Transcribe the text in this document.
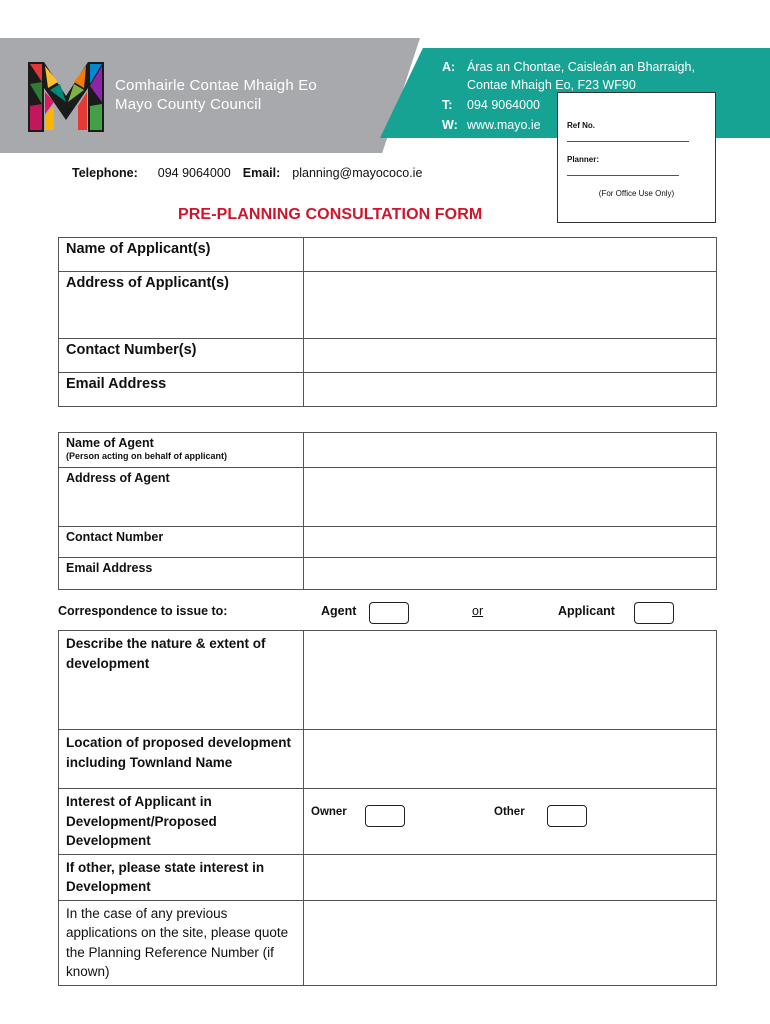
Comhairle Contae Mhaigh Eo
Mayo County Council
A: Áras an Chontae, Caisleán an Bharraigh,
Contae Mhaigh Eo, F23 WF90
T:	094 9064000
W: www.mayo.ie	Ref No.
Planner:
(For Office Use Only)
Telephone: 094 9064000 Email: planning@mayococo.ie
PRE-PLANNING CONSULTATION FORM
Name of Applicant(s)	
Address of Applicant(s)	
Contact Number(s)	
Email Address	
Name of Agent
(Person acting on behalf of applicant)	

Address of Agent	
Contact Number	
Email Address	
Correspondence to issue to:	Agent	or	Applicant
Describe the nature & extent of development	
Location of proposed development including Townland Name	
Interest of Applicant in Development/Proposed Development	Owner Other

If other, please state interest in Development	
In the case of any previous applications on the site, please quote the Planning Reference Number (if known)	
